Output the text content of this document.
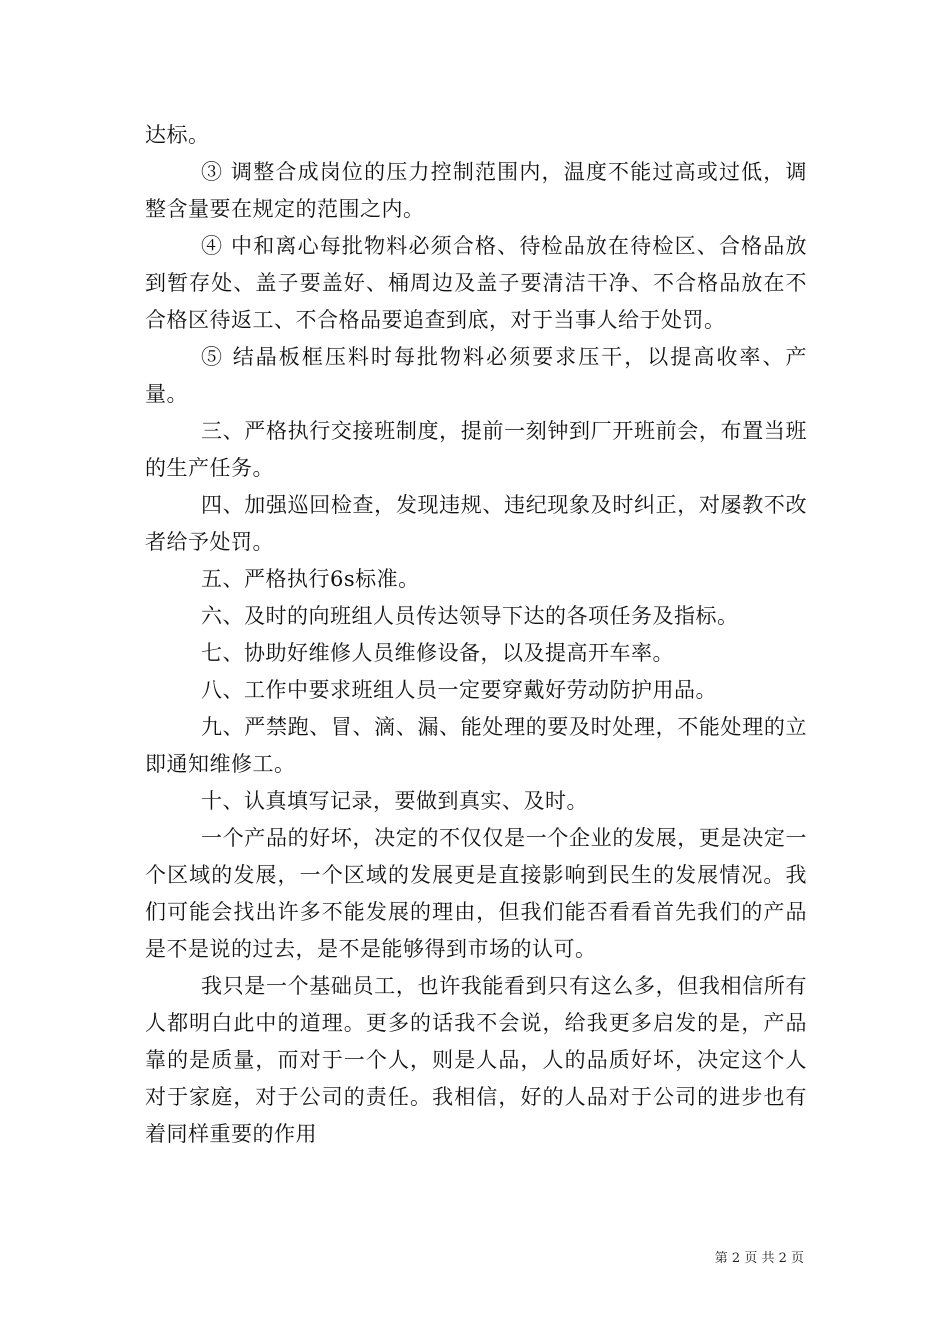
达标。

③ 调整合成岗位的压力控制范围内，温度不能过高或过低，调整含量要在规定的范围之内。

④ 中和离心每批物料必须合格、待检品放在待检区、合格品放到暂存处、盖子要盖好、桶周边及盖子要清洁干净、不合格品放在不合格区待返工、不合格品要追查到底，对于当事人给于处罚。

⑤ 结晶板框压料时每批物料必须要求压干，以提高收率、产量。

三、严格执行交接班制度，提前一刻钟到厂开班前会，布置当班的生产任务。

四、加强巡回检查，发现违规、违纪现象及时纠正，对屡教不改者给予处罚。

五、严格执行6s标准。

六、及时的向班组人员传达领导下达的各项任务及指标。

七、协助好维修人员维修设备，以及提高开车率。

八、工作中要求班组人员一定要穿戴好劳动防护用品。

九、严禁跑、冒、滴、漏、能处理的要及时处理，不能处理的立即通知维修工。

十、认真填写记录，要做到真实、及时。

一个产品的好坏，决定的不仅仅是一个企业的发展，更是决定一个区域的发展，一个区域的发展更是直接影响到民生的发展情况。我们可能会找出许多不能发展的理由，但我们能否看看首先我们的产品是不是说的过去，是不是能够得到市场的认可。

我只是一个基础员工，也许我能看到只有这么多，但我相信所有人都明白此中的道理。更多的话我不会说，给我更多启发的是，产品靠的是质量，而对于一个人，则是人品，人的品质好坏，决定这个人对于家庭，对于公司的责任。我相信，好的人品对于公司的进步也有着同样重要的作用

第 2 页 共 2 页
